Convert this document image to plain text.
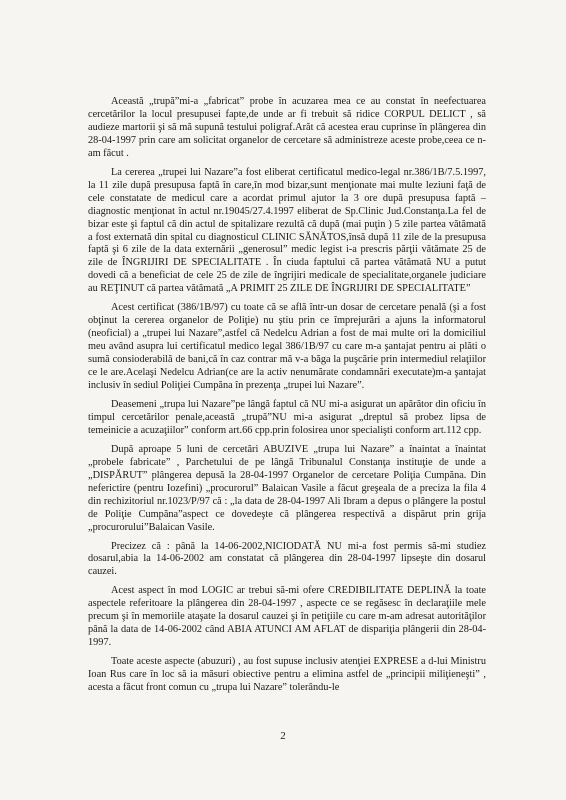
Această „trupă”mi-a „fabricat” probe în acuzarea mea ce au constat în neefectuarea cercetărilor la locul presupusei fapte,de unde ar fi trebuit să ridice CORPUL DELICT , să audieze martorii şi să mă supună testului poligraf.Arăt că acestea erau cuprinse în plângerea din 28-04-1997 prin care am solicitat organelor de cercetare să administreze aceste probe,ceea ce n-am făcut .

La cererea „trupei lui Nazare”a fost eliberat certificatul medico-legal nr.386/1B/7.5.1997, la 11 zile după presupusa faptă în care,în mod bizar,sunt menţionate mai multe leziuni faţă de cele constatate de medicul care a acordat primul ajutor la 3 ore după presupusa faptă – diagnostic menţionat în actul nr.19045/27.4.1997 eliberat de Sp.Clinic Jud.Constanţa.La fel de bizar este şi faptul că din actul de spitalizare rezultă că după (mai puţin ) 5 zile partea vătămată a fost externată din spital cu diagnosticul CLINIC SĂNĂTOS,însă după 11 zile de la presupusa faptă şi 6 zile de la data externării „generosul” medic legist i-a prescris părţii vătămate 25 de zile de ÎNGRIJIRI DE SPECIALITATE . În ciuda faptului că partea vătămată NU a putut dovedi că a beneficiat de cele 25 de zile de îngrijiri medicale de specialitate,organele judiciare au REŢINUT că partea vătămată „A PRIMIT 25 ZILE DE ÎNGRIJIRI DE SPECIALITATE”

Acest certificat (386/1B/97) cu toate că se află într-un dosar de cercetare penală (şi a fost obţinut la cererea organelor de Poliţie) nu ştiu prin ce împrejurări a ajuns la informatorul (neoficial) a „trupei lui Nazare”,astfel că Nedelcu Adrian a fost de mai multe ori la domiciliul meu având asupra lui certificatul medico legal 386/1B/97 cu care m-a şantajat pentru ai plăti o sumă consioderabilă de bani,că în caz contrar mă v-a băga la puşcărie prin intermediul relaţiilor ce le are.Acelaşi Nedelcu Adrian(ce are la activ nenumărate condamnări executate)m-a şantajat inclusiv în sediul Poliţiei Cumpăna în prezenţa „trupei lui Nazare”.

Deasemeni „trupa lui Nazare”pe lângă faptul că NU mi-a asigurat un apărător din oficiu în timpul cercetărilor penale,această „trupă”NU mi-a asigurat „dreptul să probez lipsa de temeinicie a acuzaţiilor” conform art.66 cpp.prin folosirea unor specialişti conform art.112 cpp.

După aproape 5 luni de cercetări ABUZIVE „trupa lui Nazare” a înaintat a înaintat „probele fabricate” , Parchetului de pe lângă Tribunalul Constanţa instituţie de unde a „DISPĂRUT” plângerea depusă la 28-04-1997 Organelor de cercetare Poliţia Cumpăna. Din neferictire (pentru Iozefini) „procurorul” Balaican Vasile a făcut greşeala de a preciza la fila 4 din rechizitoriul nr.1023/P/97 că : „la data de 28-04-1997 Ali Ibram a depus o plângere la postul de Poliţie Cumpăna”aspect ce dovedeşte că plângerea respectivă a dispărut prin grija „procurorului”Balaican Vasile.

Precizez că : până la 14-06-2002,NICIODATĂ NU mi-a fost permis să-mi studiez dosarul,abia la 14-06-2002 am constatat că plângerea din 28-04-1997 lipseşte din dosarul cauzei.

Acest aspect în mod LOGIC ar trebui să-mi ofere CREDIBILITATE DEPLINĂ la toate aspectele referitoare la plângerea din 28-04-1997 , aspecte ce se regăsesc în declaraţiile mele precum şi în memoriile ataşate la dosarul cauzei şi în petiţiile cu care m-am adresat autorităţilor până la data de 14-06-2002 când ABIA ATUNCI AM AFLAT de dispariţia plângerii din 28-04-1997.

Toate aceste aspecte (abuzuri) , au fost supuse inclusiv atenţiei EXPRESE a d-lui Ministru Ioan Rus care în loc să ia măsuri obiective pentru a elimina astfel de „principii miliţieneşti” , acesta a făcut front comun cu „trupa lui Nazare” tolerându-le

2
